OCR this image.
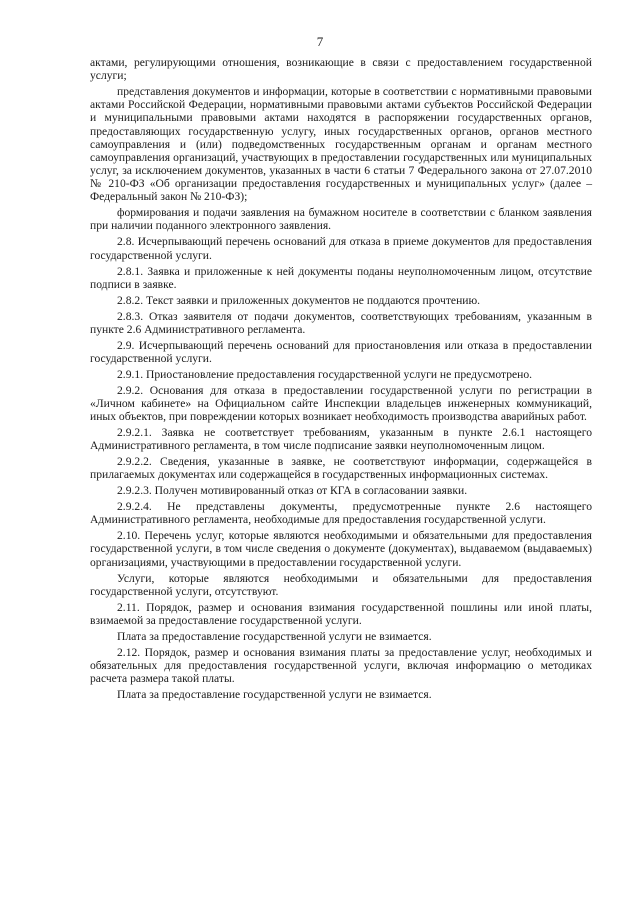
7

актами, регулирующими отношения, возникающие в связи с предоставлением государственной услуги;

представления документов и информации, которые в соответствии с нормативными правовыми актами Российской Федерации, нормативными правовыми актами субъектов Российской Федерации и муниципальными правовыми актами находятся в распоряжении государственных органов, предоставляющих государственную услугу, иных государственных органов, органов местного самоуправления и (или) подведомственных государственным органам и органам местного самоуправления организаций, участвующих в предоставлении государственных или муниципальных услуг, за исключением документов, указанных в части 6 статьи 7 Федерального закона от 27.07.2010 № 210-ФЗ «Об организации предоставления государственных и муниципальных услуг» (далее – Федеральный закон № 210-ФЗ);

формирования и подачи заявления на бумажном носителе в соответствии с бланком заявления при наличии поданного электронного заявления.

2.8. Исчерпывающий перечень оснований для отказа в приеме документов для предоставления государственной услуги.

2.8.1. Заявка и приложенные к ней документы поданы неуполномоченным лицом, отсутствие подписи в заявке.

2.8.2. Текст заявки и приложенных документов не поддаются прочтению.

2.8.3. Отказ заявителя от подачи документов, соответствующих требованиям, указанным в пункте 2.6 Административного регламента.

2.9. Исчерпывающий перечень оснований для приостановления или отказа в предоставлении государственной услуги.

2.9.1. Приостановление предоставления государственной услуги не предусмотрено.

2.9.2. Основания для отказа в предоставлении государственной услуги по регистрации в «Личном кабинете» на Официальном сайте Инспекции владельцев инженерных коммуникаций, иных объектов, при повреждении которых возникает необходимость производства аварийных работ.

2.9.2.1. Заявка не соответствует требованиям, указанным в пункте 2.6.1 настоящего Административного регламента, в том числе подписание заявки неуполномоченным лицом.

2.9.2.2. Сведения, указанные в заявке, не соответствуют информации, содержащейся в прилагаемых документах или содержащейся в государственных информационных системах.

2.9.2.3. Получен мотивированный отказ от КГА в согласовании заявки.

2.9.2.4. Не представлены документы, предусмотренные пункте 2.6 настоящего Административного регламента, необходимые для предоставления государственной услуги.

2.10. Перечень услуг, которые являются необходимыми и обязательными для предоставления государственной услуги, в том числе сведения о документе (документах), выдаваемом (выдаваемых) организациями, участвующими в предоставлении государственной услуги.

Услуги, которые являются необходимыми и обязательными для предоставления государственной услуги, отсутствуют.

2.11. Порядок, размер и основания взимания государственной пошлины или иной платы, взимаемой за предоставление государственной услуги.

Плата за предоставление государственной услуги не взимается.

2.12. Порядок, размер и основания взимания платы за предоставление услуг, необходимых и обязательных для предоставления государственной услуги, включая информацию о методиках расчета размера такой платы.

Плата за предоставление государственной услуги не взимается.
